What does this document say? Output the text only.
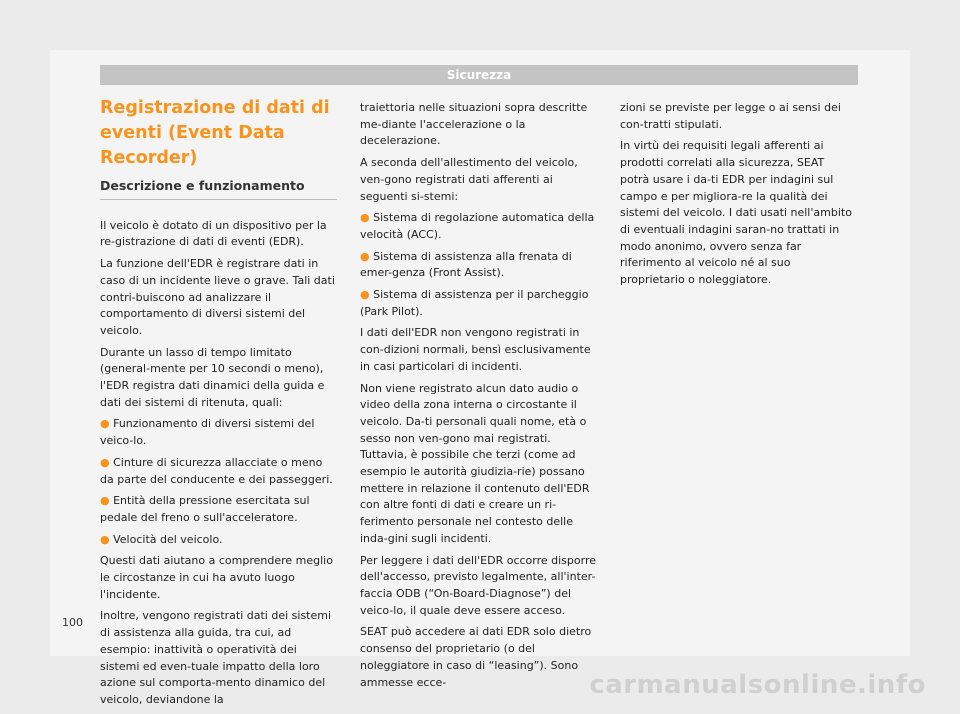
Sicurezza
Registrazione di dati di eventi (Event Data Recorder)
Descrizione e funzionamento

Il veicolo è dotato di un dispositivo per la re-gistrazione di dati di eventi (EDR).

La funzione dell'EDR è registrare dati in caso di un incidente lieve o grave. Tali dati contri-buiscono ad analizzare il comportamento di diversi sistemi del veicolo.

Durante un lasso di tempo limitato (general-mente per 10 secondi o meno), l'EDR registra dati dinamici della guida e dati dei sistemi di ritenuta, quali:

● Funzionamento di diversi sistemi del veico-lo.

● Cinture di sicurezza allacciate o meno da parte del conducente e dei passeggeri.

● Entità della pressione esercitata sul pedale del freno o sull'acceleratore.

● Velocità del veicolo.

Questi dati aiutano a comprendere meglio le circostanze in cui ha avuto luogo l'incidente.

Inoltre, vengono registrati dati dei sistemi di assistenza alla guida, tra cui, ad esempio: inattività o operatività dei sistemi ed even-tuale impatto della loro azione sul comporta-mento dinamico del veicolo, deviandone la

traiettoria nelle situazioni sopra descritte me-diante l'accelerazione o la decelerazione.

A seconda dell'allestimento del veicolo, ven-gono registrati dati afferenti ai seguenti si-stemi:

● Sistema di regolazione automatica della velocità (ACC).

● Sistema di assistenza alla frenata di emer-genza (Front Assist).

● Sistema di assistenza per il parcheggio (Park Pilot).

I dati dell'EDR non vengono registrati in con-dizioni normali, bensì esclusivamente in casi particolari di incidenti.

Non viene registrato alcun dato audio o video della zona interna o circostante il veicolo. Da-ti personali quali nome, età o sesso non ven-gono mai registrati. Tuttavia, è possibile che terzi (come ad esempio le autorità giudizia-rie) possano mettere in relazione il contenuto dell'EDR con altre fonti di dati e creare un ri-ferimento personale nel contesto delle inda-gini sugli incidenti.

Per leggere i dati dell'EDR occorre disporre dell'accesso, previsto legalmente, all'inter-faccia ODB (“On-Board-Diagnose”) del veico-lo, il quale deve essere acceso.

SEAT può accedere ai dati EDR solo dietro consenso del proprietario (o del noleggiatore in caso di “leasing”). Sono ammesse ecce-

zioni se previste per legge o ai sensi dei con-tratti stipulati.

In virtù dei requisiti legali afferenti ai prodotti correlati alla sicurezza, SEAT potrà usare i da-ti EDR per indagini sul campo e per migliora-re la qualità dei sistemi del veicolo. I dati usati nell'ambito di eventuali indagini saran-no trattati in modo anonimo, ovvero senza far riferimento al veicolo né al suo proprietario o noleggiatore.

100
carmanualsonline.info
